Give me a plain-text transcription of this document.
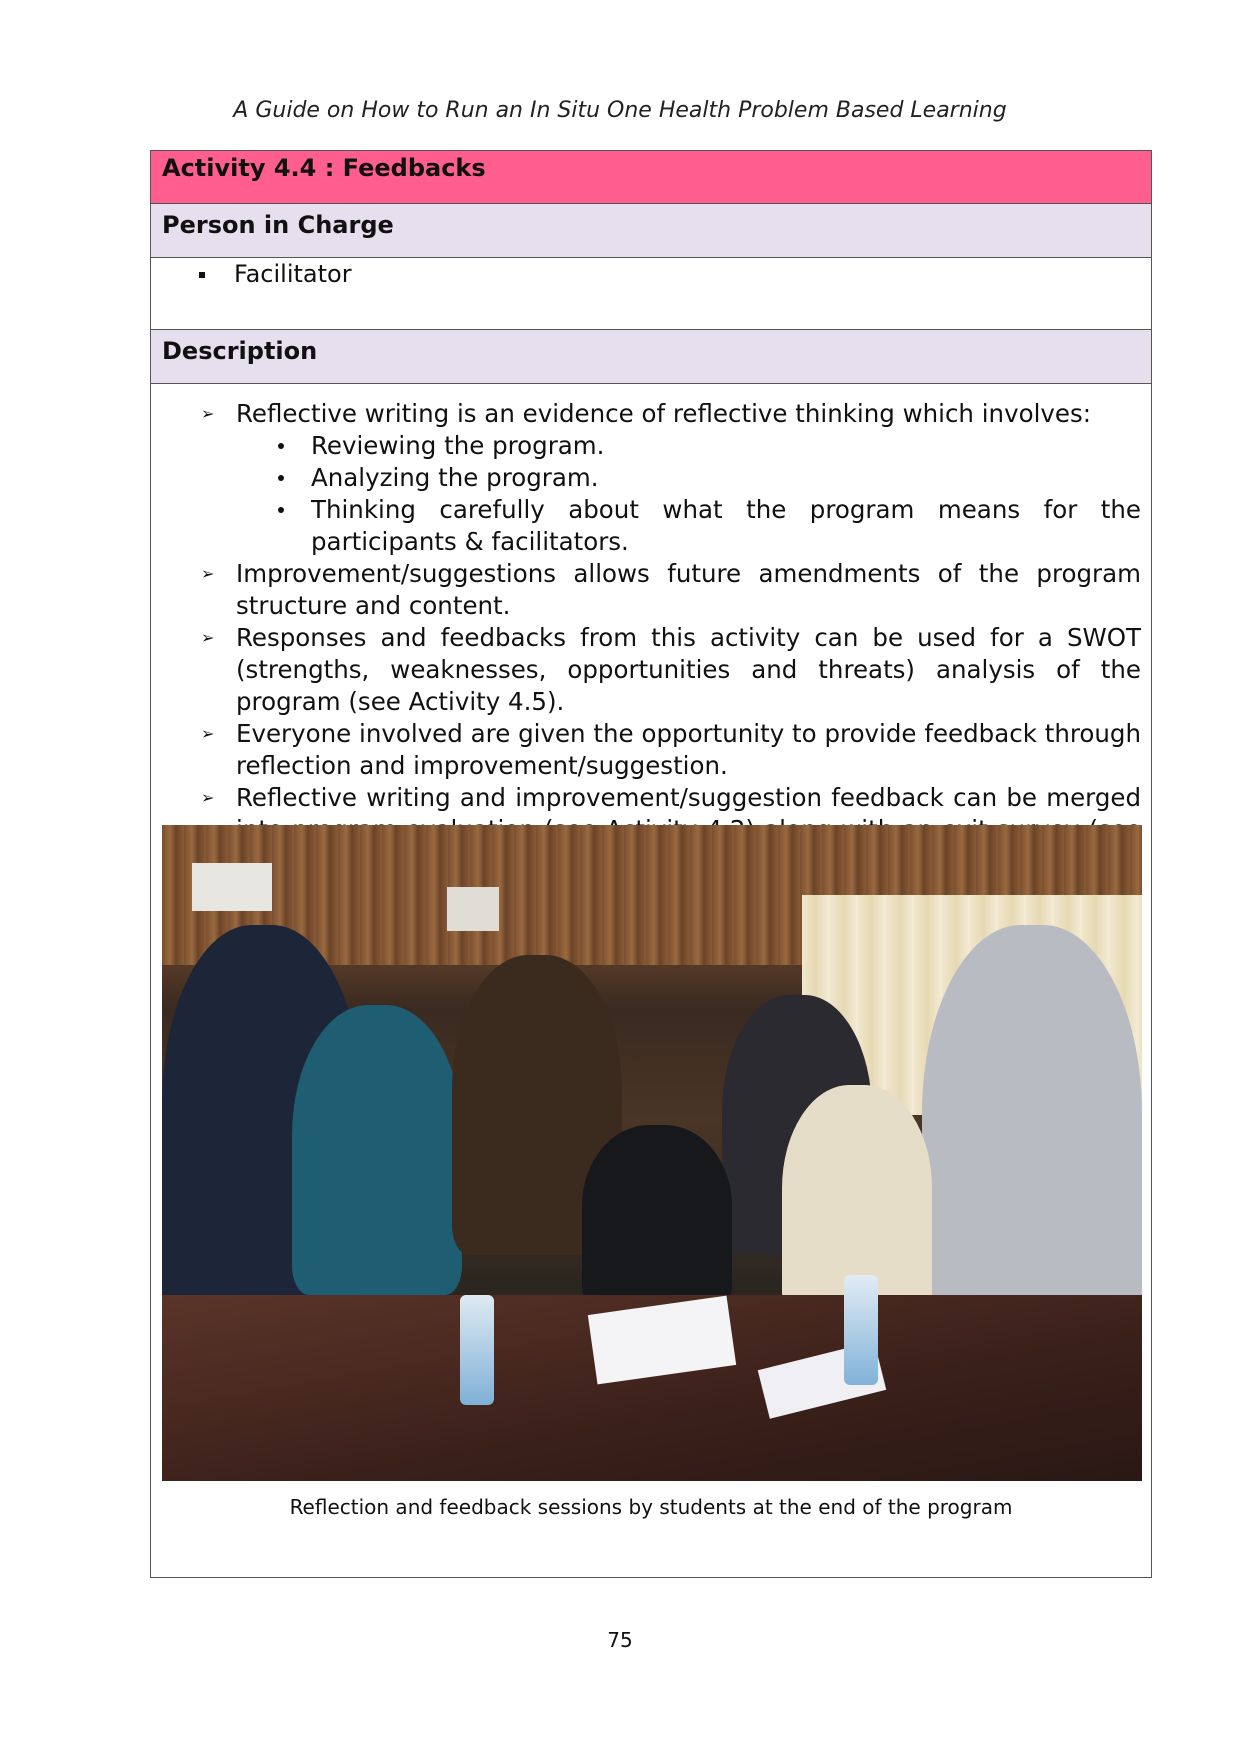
A Guide on How to Run an In Situ One Health Problem Based Learning
Activity 4.4 : Feedbacks
Person in Charge
Facilitator
Description
➢ Reflective writing is an evidence of reflective thinking which involves:
Reviewing the program.
Analyzing the program.
Thinking carefully about what the program means for the participants & facilitators.
➢ Improvement/suggestions allows future amendments of the program structure and content.
➢ Responses and feedbacks from this activity can be used for a SWOT (strengths, weaknesses, opportunities and threats) analysis of the program (see Activity 4.5).
➢ Everyone involved are given the opportunity to provide feedback through reflection and improvement/suggestion.
➢ Reflective writing and improvement/suggestion feedback can be merged
Reflection and feedback sessions by students at the end of the program
75
